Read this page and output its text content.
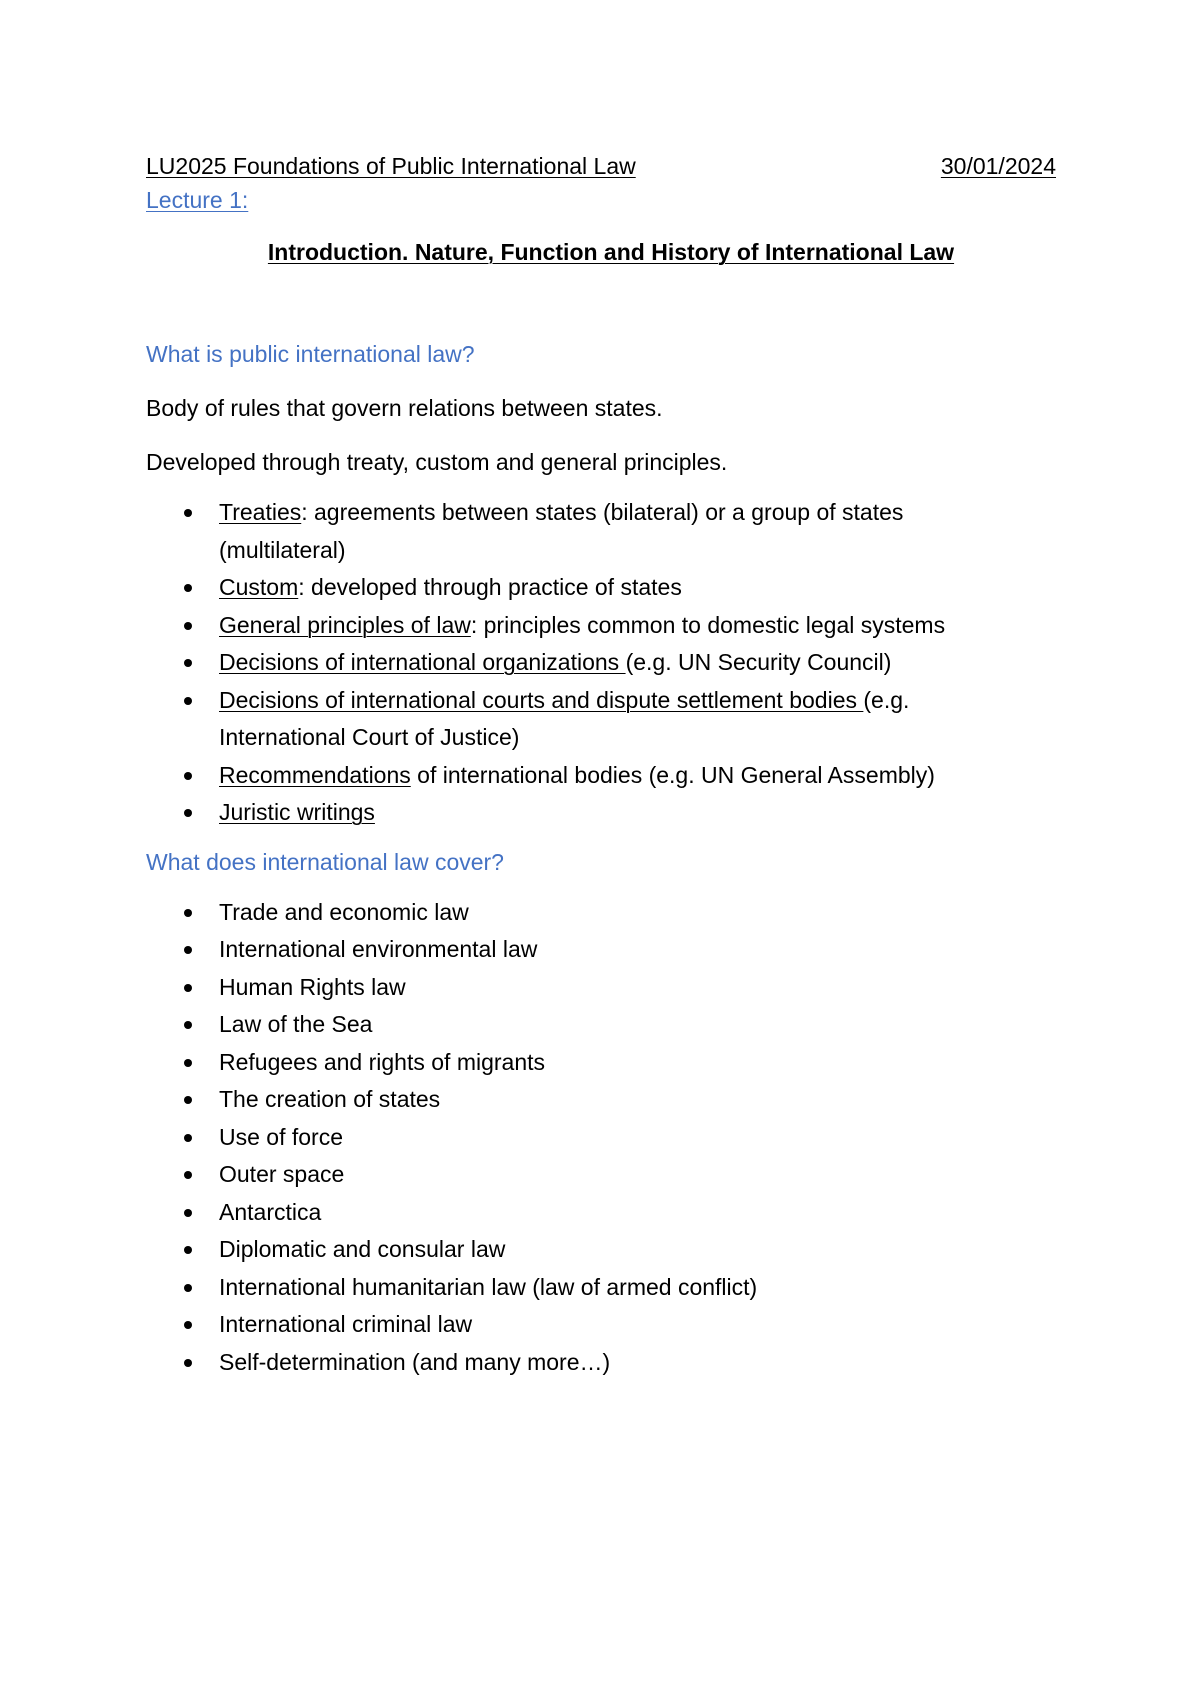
LU2025 Foundations of Public International Law	30/01/2024
Lecture 1:
Introduction. Nature, Function and History of International Law
What is public international law?
Body of rules that govern relations between states.
Developed through treaty, custom and general principles.
Treaties: agreements between states (bilateral) or a group of states (multilateral)
Custom: developed through practice of states
General principles of law: principles common to domestic legal systems
Decisions of international organizations (e.g. UN Security Council)
Decisions of international courts and dispute settlement bodies (e.g. International Court of Justice)
Recommendations of international bodies (e.g. UN General Assembly)
Juristic writings
What does international law cover?
Trade and economic law
International environmental law
Human Rights law
Law of the Sea
Refugees and rights of migrants
The creation of states
Use of force
Outer space
Antarctica
Diplomatic and consular law
International humanitarian law (law of armed conflict)
International criminal law
Self-determination (and many more…)
